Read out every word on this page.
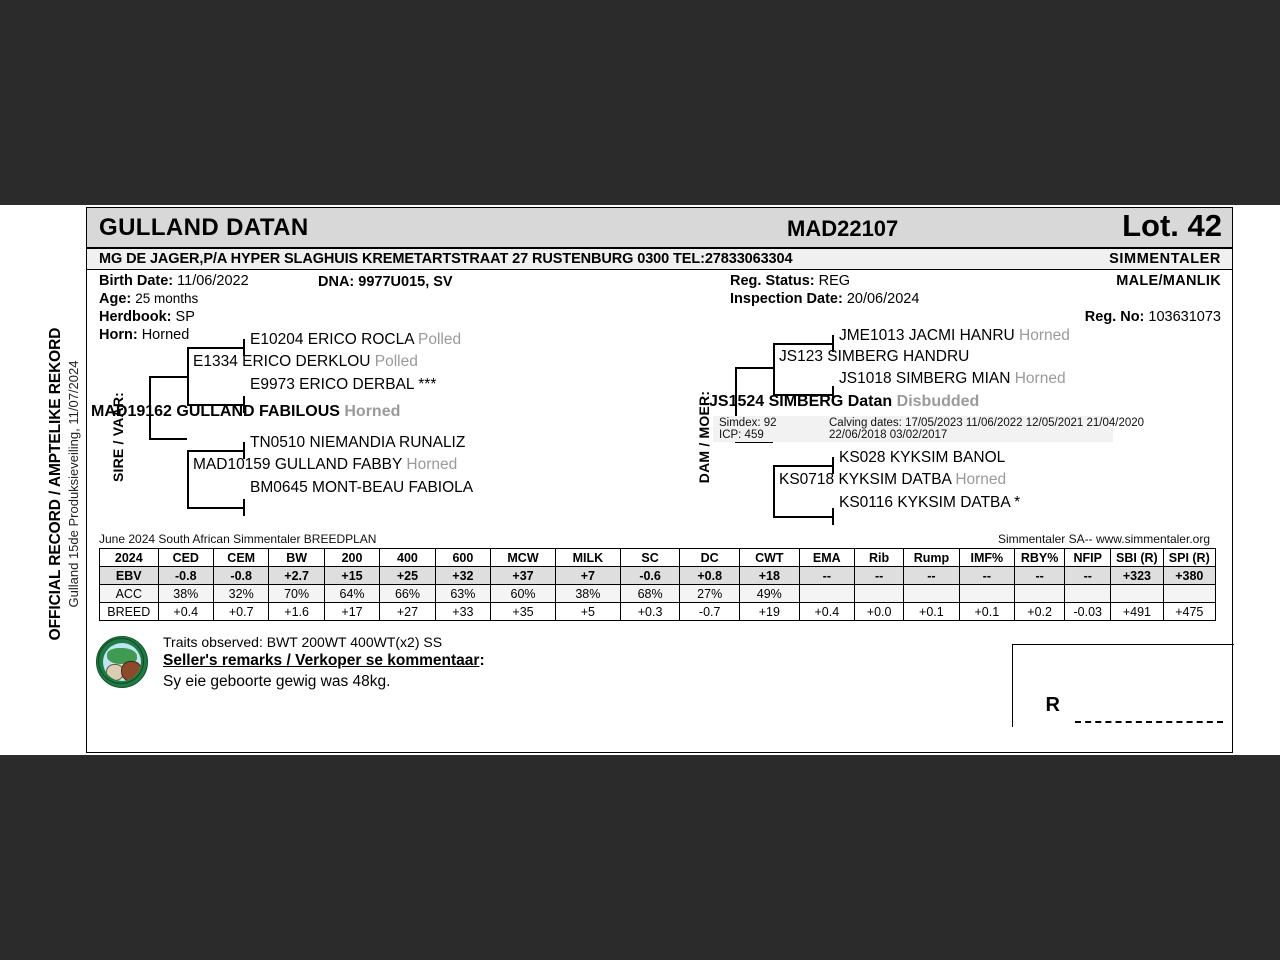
OFFICIAL RECORD / AMPTELIKE REKORD Gulland 15de Produksieveiling, 11/07/2024
GULLAND DATAN	MAD22107	Lot. 42
MG DE JAGER,P/A HYPER SLAGHUIS KREMETARTSTRAAT 27 RUSTENBURG 0300 TEL:27833063304	SIMMENTALER
Birth Date: 11/06/2022	DNA: 9977U015, SV
Age: 25 months
Herdbook: SP
Horn: Horned
Reg. Status: REG
Inspection Date: 20/06/2024
MALE/MANLIK
Reg. No: 103631073
SIRE / VAAR:
E10204 ERICO ROCLA Polled
E1334 ERICO DERKLOU Polled
E9973 ERICO DERBAL ***
MAD19162 GULLAND FABILOUS Horned
TN0510 NIEMANDIA RUNALIZ
MAD10159 GULLAND FABBY Horned
BM0645 MONT-BEAU FABIOLA
DAM / MOER:
JME1013 JACMI HANRU Horned
JS123 SIMBERG HANDRU
JS1018 SIMBERG MIAN Horned
JS1524 SIMBERG Datan Disbudded
Simdex: 92
ICP: 459
Calving dates: 17/05/2023 11/06/2022 12/05/2021 21/04/2020
22/06/2018 03/02/2017
KS028 KYKSIM BANOL
KS0718 KYKSIM DATBA Horned
KS0116 KYKSIM DATBA *
June 2024 South African Simmentaler BREEDPLAN	Simmentaler SA-- www.simmentaler.org
2024	CED	CEM	BW	200	400	600	MCW	MILK	SC	DC	CWT	EMA	Rib	Rump	IMF%	RBY%	NFIP	SBI (R)	SPI (R)
EBV	-0.8	-0.8	+2.7	+15	+25	+32	+37	+7	-0.6	+0.8	+18	--	--	--	--	--	--	+323	+380
ACC	38%	32%	70%	64%	66%	63%	60%	38%	68%	27%	49%								
BREED	+0.4	+0.7	+1.6	+17	+27	+33	+35	+5	+0.3	-0.7	+19	+0.4	+0.0	+0.1	+0.1	+0.2	-0.03	+491	+475
Traits observed: BWT 200WT 400WT(x2) SS
Seller's remarks / Verkoper se kommentaar:
Sy eie geboorte gewig was 48kg.
R
